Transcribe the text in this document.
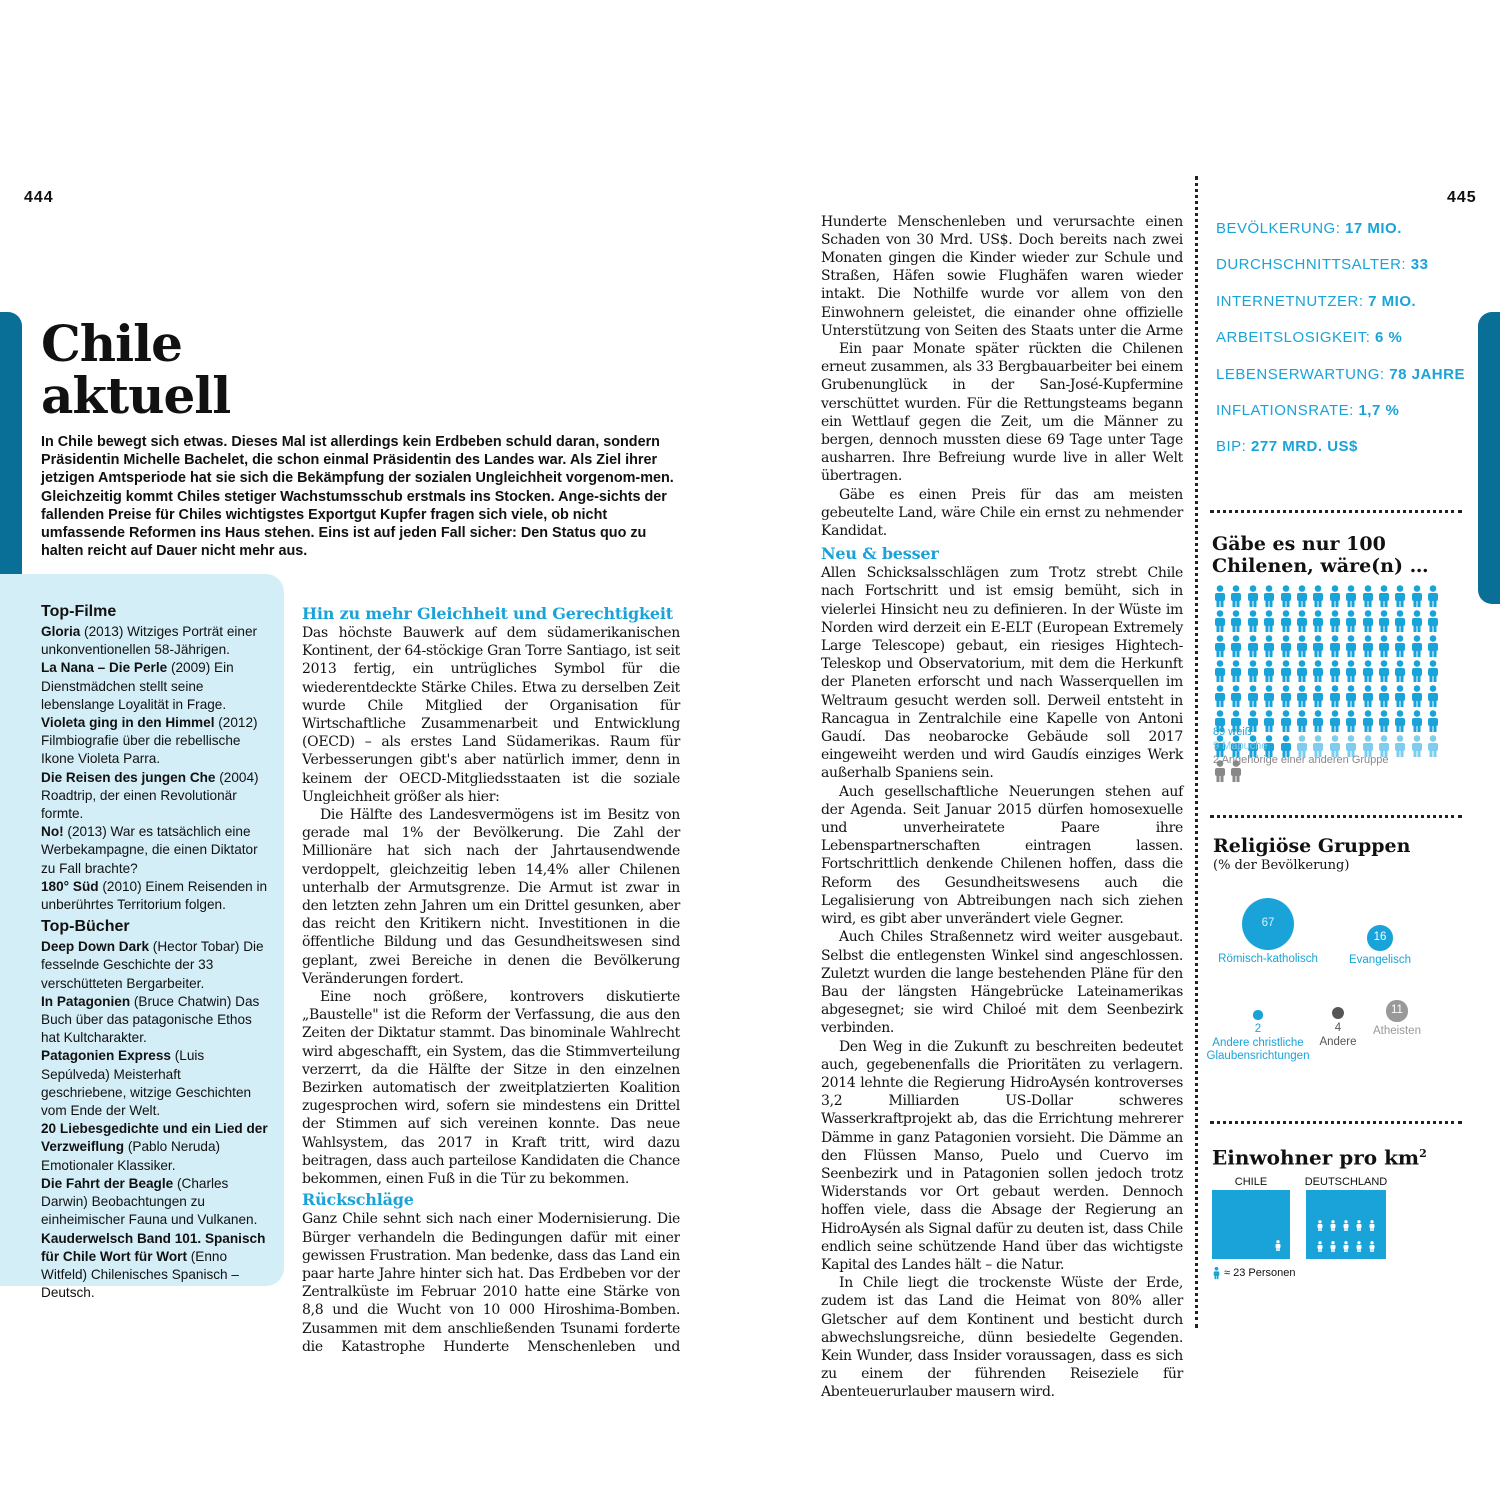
444	445
Chile
aktuell
In Chile bewegt sich etwas. Dieses Mal ist allerdings kein Erdbeben schuld daran, sondern Präsidentin Michelle Bachelet, die schon einmal Präsidentin des Landes war. Als Ziel ihrer jetzigen Amtsperiode hat sie sich die Bekämpfung der sozialen Ungleichheit vorgenom-men. Gleichzeitig kommt Chiles stetiger Wachstumsschub erstmals ins Stocken. Ange-sichts der fallenden Preise für Chiles wichtigstes Exportgut Kupfer fragen sich viele, ob nicht umfassende Reformen ins Haus stehen. Eins ist auf jeden Fall sicher: Den Status quo zu halten reicht auf Dauer nicht mehr aus.
Top-Filme
Gloria (2013) Witziges Porträt einer unkonventionellen 58-Jährigen.
La Nana – Die Perle (2009) Ein Dienstmädchen stellt seine lebenslange Loyalität in Frage.
Violeta ging in den Himmel (2012) Filmbiografie über die rebellische Ikone Violeta Parra.
Die Reisen des jungen Che (2004) Roadtrip, der einen Revolutionär formte.
No! (2013) War es tatsächlich eine Werbekampagne, die einen Diktator zu Fall brachte?
180° Süd (2010) Einem Reisenden in unberührtes Territorium folgen.
Top-Bücher
Deep Down Dark (Hector Tobar) Die fesselnde Geschichte der 33 verschütteten Bergarbeiter.
In Patagonien (Bruce Chatwin) Das Buch über das patagonische Ethos hat Kultcharakter.
Patagonien Express (Luis Sepúlveda) Meisterhaft geschriebene, witzige Geschichten vom Ende der Welt.
20 Liebesgedichte und ein Lied der Verzweiflung (Pablo Neruda) Emotionaler Klassiker.
Die Fahrt der Beagle (Charles Darwin) Beobachtungen zu einheimischer Fauna und Vulkanen.
Kauderwelsch Band 101. Spanisch für Chile Wort für Wort (Enno Witfeld) Chilenisches Spanisch – Deutsch.
Hin zu mehr Gleichheit und Gerechtigkeit

Das höchste Bauwerk auf dem südamerikanischen Kontinent, der 64-stöckige Gran Torre Santiago, ist seit 2013 fertig, ein untrügliches Symbol für die wiederentdeckte Stärke Chiles. Etwa zu derselben Zeit wurde Chile Mitglied der Organisation für Wirtschaftliche Zusammenarbeit und Entwicklung (OECD) – als erstes Land Südamerikas. Raum für Verbesserungen gibt's aber natürlich immer, denn in keinem der OECD-Mitgliedsstaaten ist die soziale Ungleichheit größer als hier:

Die Hälfte des Landesvermögens ist im Besitz von gerade mal 1% der Bevölkerung. Die Zahl der Millionäre hat sich nach der Jahrtausendwende verdoppelt, gleichzeitig leben 14,4% aller Chilenen unterhalb der Armutsgrenze. Die Armut ist zwar in den letzten zehn Jahren um ein Drittel gesunken, aber das reicht den Kritikern nicht. Investitionen in die öffentliche Bildung und das Gesundheitswesen sind geplant, zwei Bereiche in denen die Bevölkerung Veränderungen fordert.

Eine noch größere, kontrovers diskutierte „Baustelle" ist die Reform der Verfassung, die aus den Zeiten der Diktatur stammt. Das binominale Wahlrecht wird abgeschafft, ein System, das die Stimmverteilung verzerrt, da die Hälfte der Sitze in den einzelnen Bezirken automatisch der zweitplatzierten Koalition zugesprochen wird, sofern sie mindestens ein Drittel der Stimmen auf sich vereinen konnte. Das neue Wahlsystem, das 2017 in Kraft tritt, wird dazu beitragen, dass auch parteilose Kandidaten die Chance bekommen, einen Fuß in die Tür zu bekommen.

Rückschläge

Ganz Chile sehnt sich nach einer Modernisierung. Die Bürger verhandeln die Bedingungen dafür mit einer gewissen Frustration. Man bedenke, dass das Land ein paar harte Jahre hinter sich hat. Das Erdbeben vor der Zentralküste im Februar 2010 hatte eine Stärke von 8,8 und die Wucht von 10 000 Hiroshima-Bomben. Zusammen mit dem anschließenden Tsunami forderte die Katastrophe Hunderte Menschenleben und

Hunderte Menschenleben und verursachte einen Schaden von 30 Mrd. US$. Doch bereits nach zwei Monaten gingen die Kinder wieder zur Schule und Straßen, Häfen sowie Flughäfen waren wieder intakt. Die Nothilfe wurde vor allem von den Einwohnern geleistet, die einander ohne offizielle Unterstützung von Seiten des Staats unter die Arme

Ein paar Monate später rückten die Chilenen erneut zusammen, als 33 Bergbauarbeiter bei einem Grubenunglück in der San-José-Kupfermine verschüttet wurden. Für die Rettungsteams begann ein Wettlauf gegen die Zeit, um die Männer zu bergen, dennoch mussten diese 69 Tage unter Tage ausharren. Ihre Befreiung wurde live in aller Welt übertragen.

Gäbe es einen Preis für das am meisten gebeutelte Land, wäre Chile ein ernst zu nehmender Kandidat.

Neu & besser

Allen Schicksalsschlägen zum Trotz strebt Chile nach Fortschritt und ist emsig bemüht, sich in vielerlei Hinsicht neu zu definieren. In der Wüste im Norden wird derzeit ein E-ELT (European Extremely Large Telescope) gebaut, ein riesiges Hightech-Teleskop und Observatorium, mit dem die Herkunft der Planeten erforscht und nach Wasserquellen im Weltraum gesucht werden soll. Derweil entsteht in Rancagua in Zentralchile eine Kapelle von Antoni Gaudí. Das neobarocke Gebäude soll 2017 eingeweiht werden und wird Gaudís einziges Werk außerhalb Spaniens sein.

Auch gesellschaftliche Neuerungen stehen auf der Agenda. Seit Januar 2015 dürfen homosexuelle und unverheiratete Paare ihre Lebenspartnerschaften eintragen lassen. Fortschrittlich denkende Chilenen hoffen, dass die Reform des Gesundheitswesens auch die Legalisierung von Abtreibungen nach sich ziehen wird, es gibt aber unverändert viele Gegner.

Auch Chiles Straßennetz wird weiter ausgebaut. Selbst die entlegensten Winkel sind angeschlossen. Zuletzt wurden die lange bestehenden Pläne für den Bau der längsten Hängebrücke Lateinamerikas abgesegnet; sie wird Chiloé mit dem Seenbezirk verbinden.

Den Weg in die Zukunft zu beschreiten bedeutet auch, gegebenenfalls die Prioritäten zu verlagern. 2014 lehnte die Regierung HidroAysén kontroverses 3,2 Milliarden US-Dollar schweres Wasserkraftprojekt ab, das die Errichtung mehrerer Dämme in ganz Patagonien vorsieht. Die Dämme an den Flüssen Manso, Puelo und Cuervo im Seenbezirk und in Patagonien sollen jedoch trotz Widerstands vor Ort gebaut werden. Dennoch hoffen viele, dass die Absage der Regierung an HidroAysén als Signal dafür zu deuten ist, dass Chile endlich seine schützende Hand über das wichtigste Kapital des Landes hält – die Natur.

In Chile liegt die trockenste Wüste der Erde, zudem ist das Land die Heimat von 80% aller Gletscher auf dem Kontinent und besticht durch abwechslungsreiche, dünn besiedelte Gegenden. Kein Wunder, dass Insider voraussagen, dass es sich zu einem der führenden Reiseziele für Abenteuerurlauber mausern wird.

BEVÖLKERUNG: 17 MIO.
DURCHSCHNITTSALTER: 33
INTERNETNUTZER: 7 MIO.
ARBEITSLOSIGKEIT: 6 %
LEBENSERWARTUNG: 78 JAHRE
INFLATIONSRATE: 1,7 %
BIP: 277 MRD. US$
Gäbe es nur 100 Chilenen, wäre(n) …
89 weiß
9 Mapuche
2 Angehörige einer anderen Gruppe
Religiöse Gruppen
(% der Bevölkerung)
67
Römisch-katholisch
16
Evangelisch
2
Andere christliche
Glaubensrichtungen
4
Andere
11
Atheisten
Einwohner pro $km^2$
CHILE	DEUTSCHLAND
≈ 23 Personen
